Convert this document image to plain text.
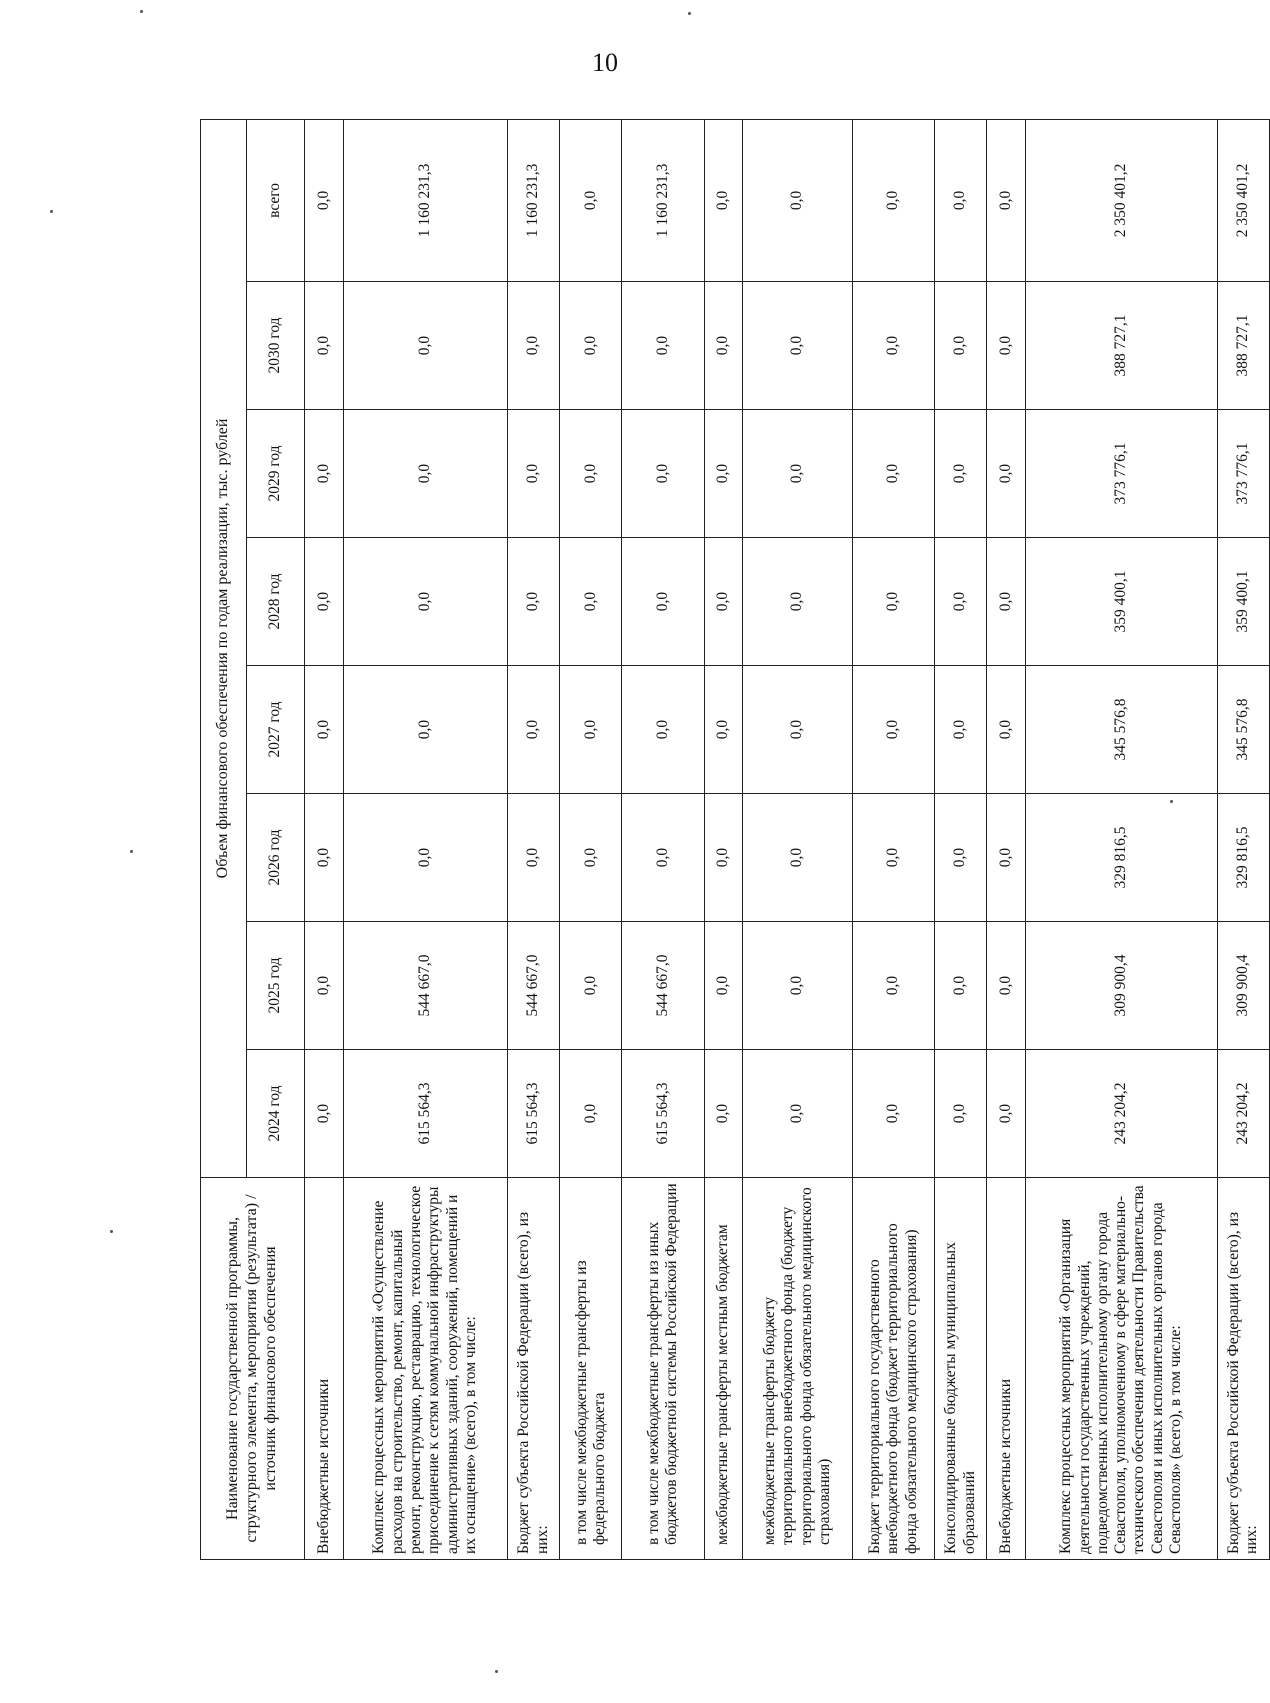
10
Наименование государственной программы, структурного элемента, мероприятия (результата) / источник финансового обеспечения	Объем финансового обеспечения по годам реализации, тыс. рублей							
	2024 год	2025 год	2026 год	2027 год	2028 год	2029 год	2030 год	всего
Внебюджетные источники	0,0	0,0	0,0	0,0	0,0	0,0	0,0	0,0
Комплекс процессных мероприятий «Осуществление расходов на строительство, ремонт, капитальный ремонт, реконструкцию, реставрацию, технологическое присоединение к сетям коммунальной инфраструктуры административных зданий, сооружений, помещений и их оснащение» (всего), в том числе:	615 564,3	544 667,0	0,0	0,0	0,0	0,0	0,0	1 160 231,3
Бюджет субъекта Российской Федерации (всего), из них:	615 564,3	544 667,0	0,0	0,0	0,0	0,0	0,0	1 160 231,3
в том числе межбюджетные трансферты из федерального бюджета	0,0	0,0	0,0	0,0	0,0	0,0	0,0	0,0
в том числе межбюджетные трансферты из иных бюджетов бюджетной системы Российской Федерации	615 564,3	544 667,0	0,0	0,0	0,0	0,0	0,0	1 160 231,3
межбюджетные трансферты местным бюджетам	0,0	0,0	0,0	0,0	0,0	0,0	0,0	0,0
межбюджетные трансферты бюджету территориального внебюджетного фонда (бюджету территориального фонда обязательного медицинского страхования)	0,0	0,0	0,0	0,0	0,0	0,0	0,0	0,0
Бюджет территориального государственного внебюджетного фонда (бюджет территориального фонда обязательного медицинского страхования)	0,0	0,0	0,0	0,0	0,0	0,0	0,0	0,0
Консолидированные бюджеты муниципальных образований	0,0	0,0	0,0	0,0	0,0	0,0	0,0	0,0
Внебюджетные источники	0,0	0,0	0,0	0,0	0,0	0,0	0,0	0,0
Комплекс процессных мероприятий «Организация деятельности государственных учреждений, подведомственных исполнительному органу города Севастополя, уполномоченному в сфере материально-технического обеспечения деятельности Правительства Севастополя и иных исполнительных органов города Севастополя» (всего), в том числе:	243 204,2	309 900,4	329 816,5	345 576,8	359 400,1	373 776,1	388 727,1	2 350 401,2
Бюджет субъекта Российской Федерации (всего), из них:	243 204,2	309 900,4	329 816,5	345 576,8	359 400,1	373 776,1	388 727,1	2 350 401,2
